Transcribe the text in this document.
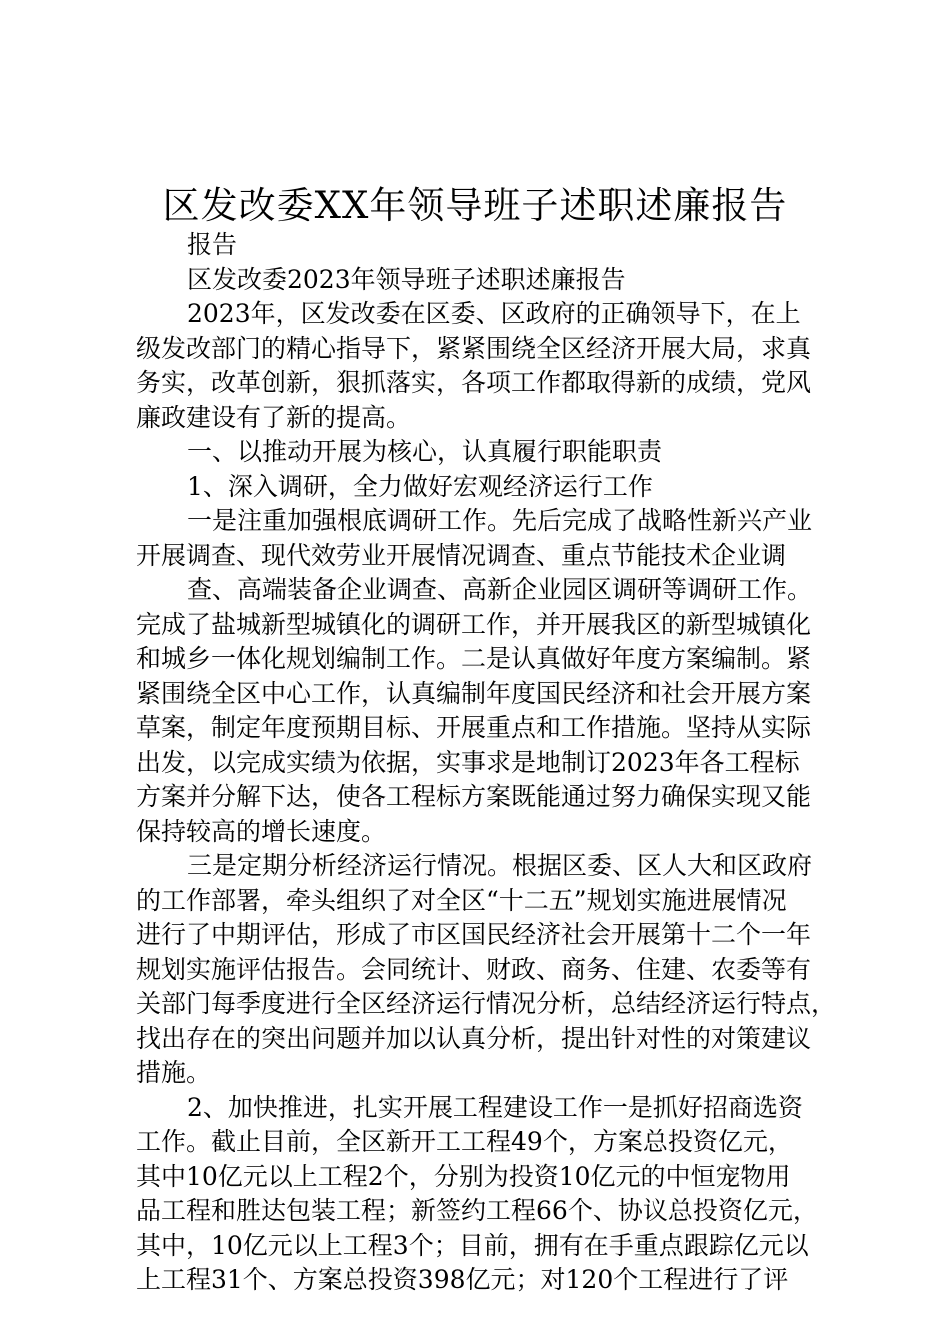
区发改委XX年领导班子述职述廉报告
报告
区发改委2023年领导班子述职述廉报告
2023年，区发改委在区委、区政府的正确领导下，在上
级发改部门的精心指导下，紧紧围绕全区经济开展大局，求真
务实，改革创新，狠抓落实，各项工作都取得新的成绩，党风
廉政建设有了新的提高。
一、以推动开展为核心，认真履行职能职责
1、深入调研，全力做好宏观经济运行工作
一是注重加强根底调研工作。先后完成了战略性新兴产业
开展调查、现代效劳业开展情况调查、重点节能技术企业调
查、高端装备企业调查、高新企业园区调研等调研工作。
完成了盐城新型城镇化的调研工作，并开展我区的新型城镇化
和城乡一体化规划编制工作。二是认真做好年度方案编制。紧
紧围绕全区中心工作，认真编制年度国民经济和社会开展方案
草案，制定年度预期目标、开展重点和工作措施。坚持从实际
出发，以完成实绩为依据，实事求是地制订2023年各工程标
方案并分解下达，使各工程标方案既能通过努力确保实现又能
保持较高的增长速度。
三是定期分析经济运行情况。根据区委、区人大和区政府
的工作部署，牵头组织了对全区“十二五”规划实施进展情况
进行了中期评估，形成了市区国民经济社会开展第十二个一年
规划实施评估报告。会同统计、财政、商务、住建、农委等有
关部门每季度进行全区经济运行情况分析，总结经济运行特点，
找出存在的突出问题并加以认真分析，提出针对性的对策建议
措施。
2、加快推进，扎实开展工程建设工作一是抓好招商选资
工作。截止目前，全区新开工工程49个，方案总投资亿元，
其中10亿元以上工程2个，分别为投资10亿元的中恒宠物用
品工程和胜达包装工程；新签约工程66个、协议总投资亿元，
其中，10亿元以上工程3个；目前，拥有在手重点跟踪亿元以
上工程31个、方案总投资398亿元；对120个工程进行了评
